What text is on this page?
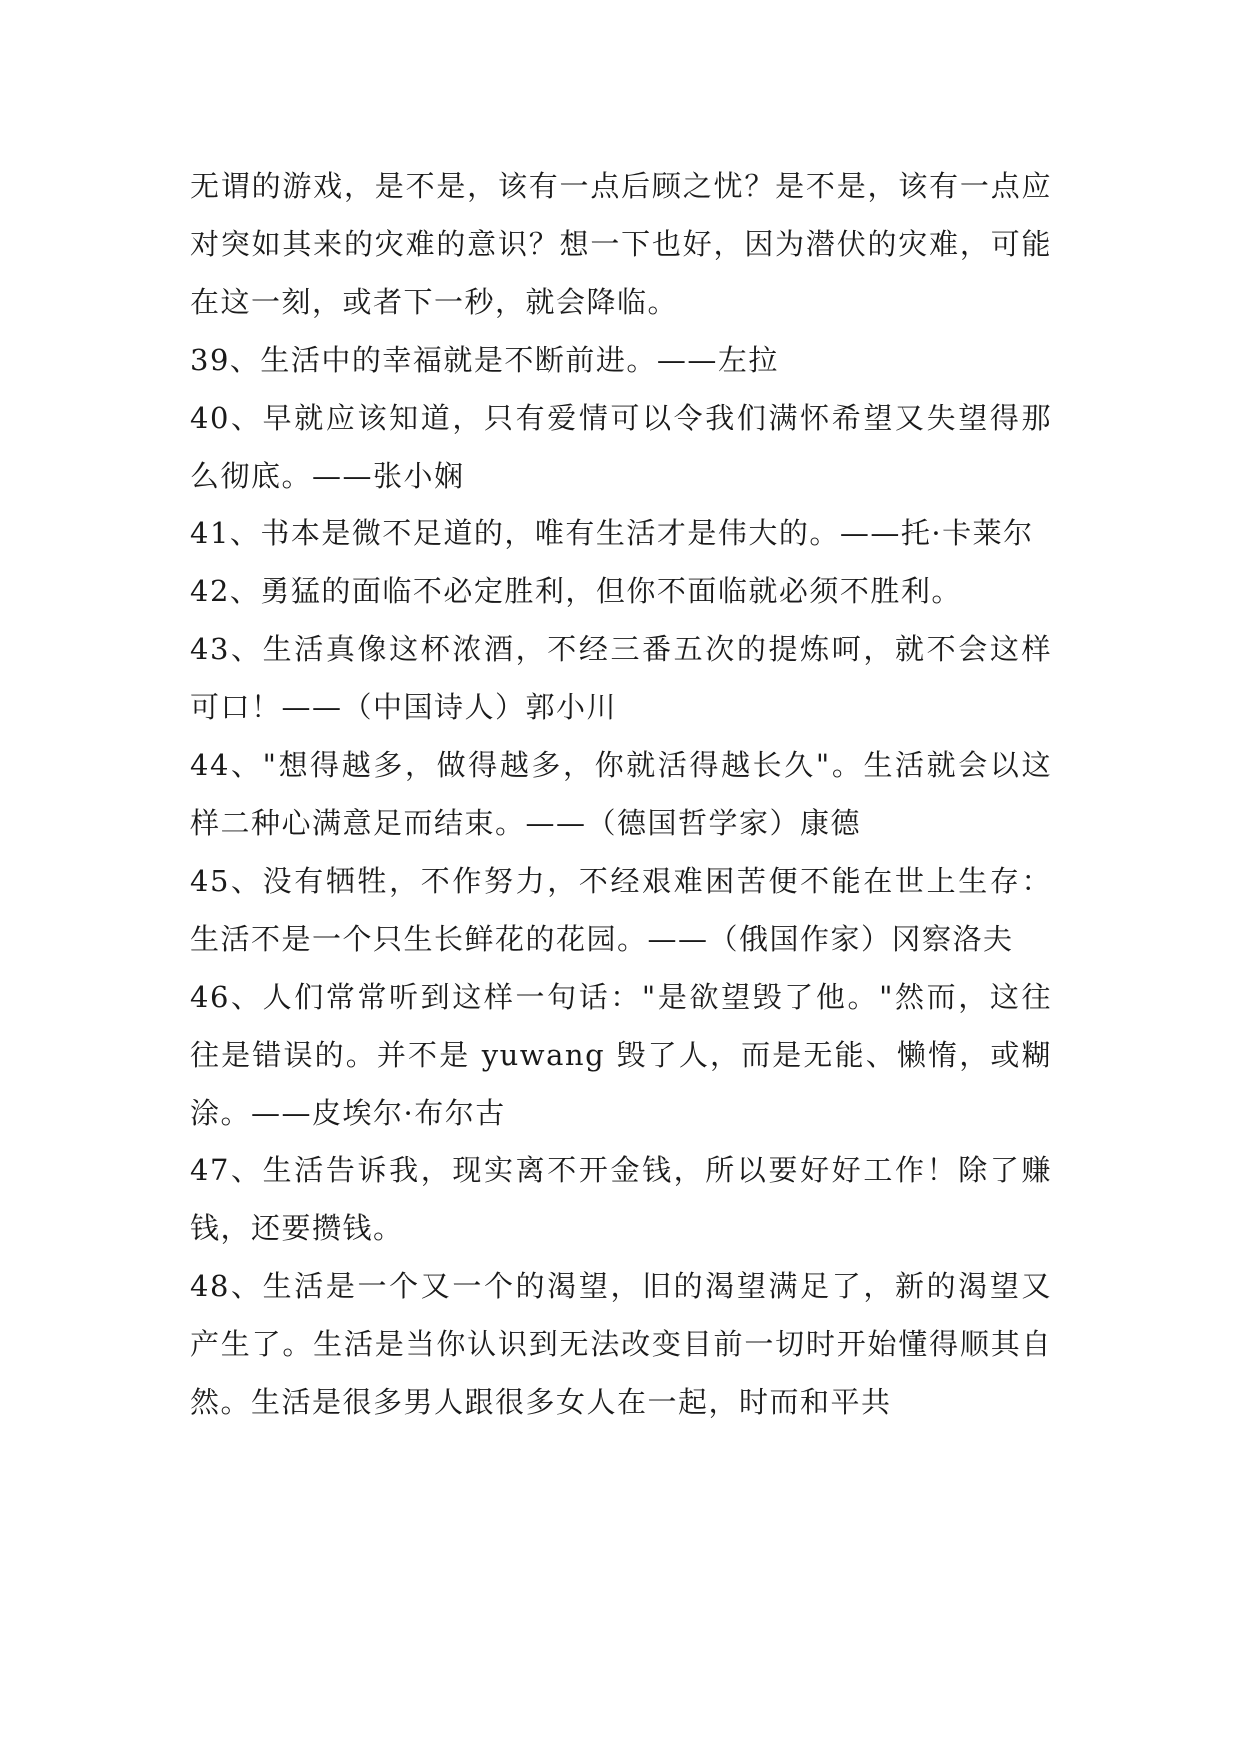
无谓的游戏，是不是，该有一点后顾之忧？是不是，该有一点应对突如其来的灾难的意识？想一下也好，因为潜伏的灾难，可能在这一刻，或者下一秒，就会降临。

39、生活中的幸福就是不断前进。——左拉

40、早就应该知道，只有爱情可以令我们满怀希望又失望得那么彻底。——张小娴

41、书本是微不足道的，唯有生活才是伟大的。——托·卡莱尔

42、勇猛的面临不必定胜利，但你不面临就必须不胜利。

43、生活真像这杯浓酒，不经三番五次的提炼呵，就不会这样可口！——（中国诗人）郭小川

44、"想得越多，做得越多，你就活得越长久"。生活就会以这样二种心满意足而结束。——（德国哲学家）康德

45、没有牺牲，不作努力，不经艰难困苦便不能在世上生存：生活不是一个只生长鲜花的花园。——（俄国作家）冈察洛夫

46、人们常常听到这样一句话："是欲望毁了他。"然而，这往往是错误的。并不是 yuwang 毁了人，而是无能、懒惰，或糊涂。——皮埃尔·布尔古

47、生活告诉我，现实离不开金钱，所以要好好工作！除了赚钱，还要攒钱。

48、生活是一个又一个的渴望，旧的渴望满足了，新的渴望又产生了。生活是当你认识到无法改变目前一切时开始懂得顺其自然。生活是很多男人跟很多女人在一起，时而和平共
